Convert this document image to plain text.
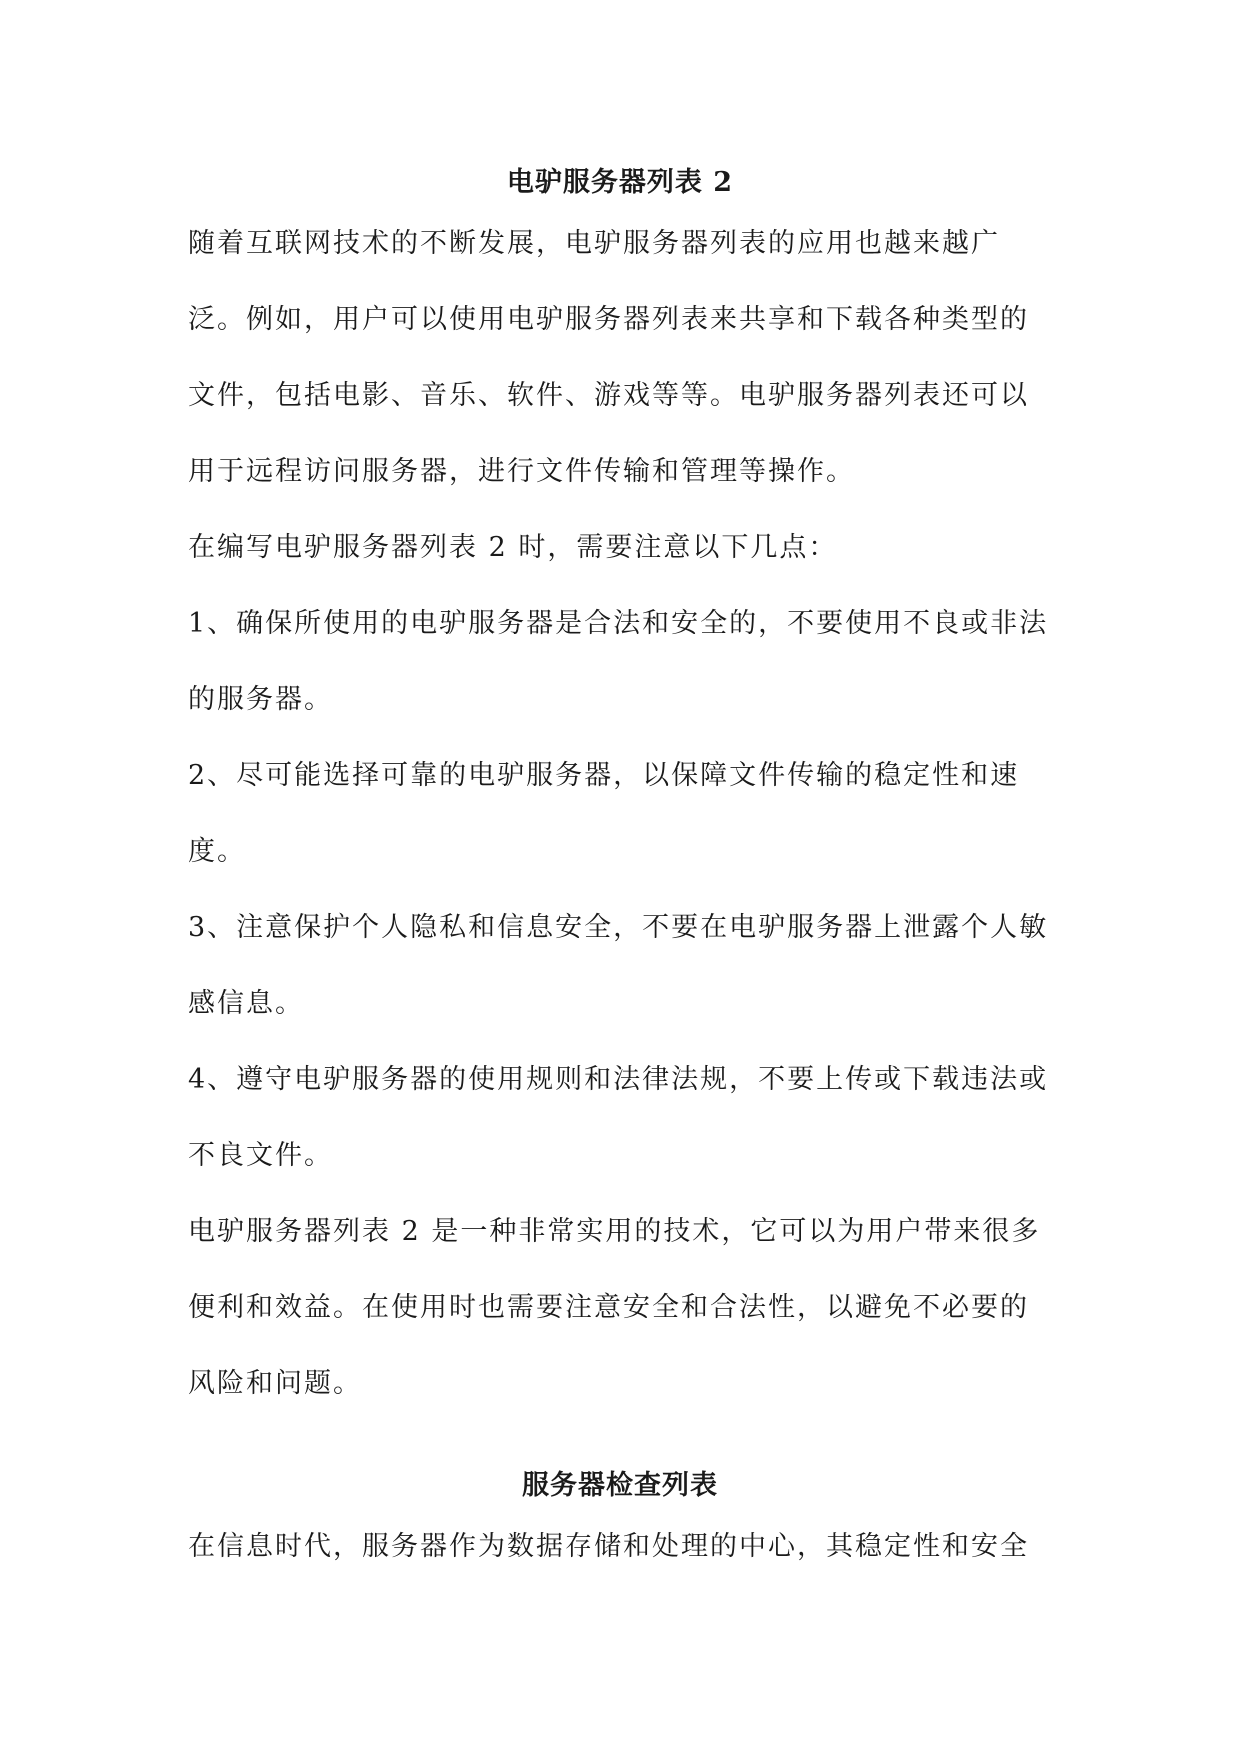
电驴服务器列表 2
随着互联网技术的不断发展，电驴服务器列表的应用也越来越广
泛。例如，用户可以使用电驴服务器列表来共享和下载各种类型的
文件，包括电影、音乐、软件、游戏等等。电驴服务器列表还可以
用于远程访问服务器，进行文件传输和管理等操作。
在编写电驴服务器列表 2 时，需要注意以下几点：
1、确保所使用的电驴服务器是合法和安全的，不要使用不良或非法
的服务器。
2、尽可能选择可靠的电驴服务器，以保障文件传输的稳定性和速
度。
3、注意保护个人隐私和信息安全，不要在电驴服务器上泄露个人敏
感信息。
4、遵守电驴服务器的使用规则和法律法规，不要上传或下载违法或
不良文件。
电驴服务器列表 2 是一种非常实用的技术，它可以为用户带来很多
便利和效益。在使用时也需要注意安全和合法性，以避免不必要的
风险和问题。
服务器检查列表
在信息时代，服务器作为数据存储和处理的中心，其稳定性和安全
